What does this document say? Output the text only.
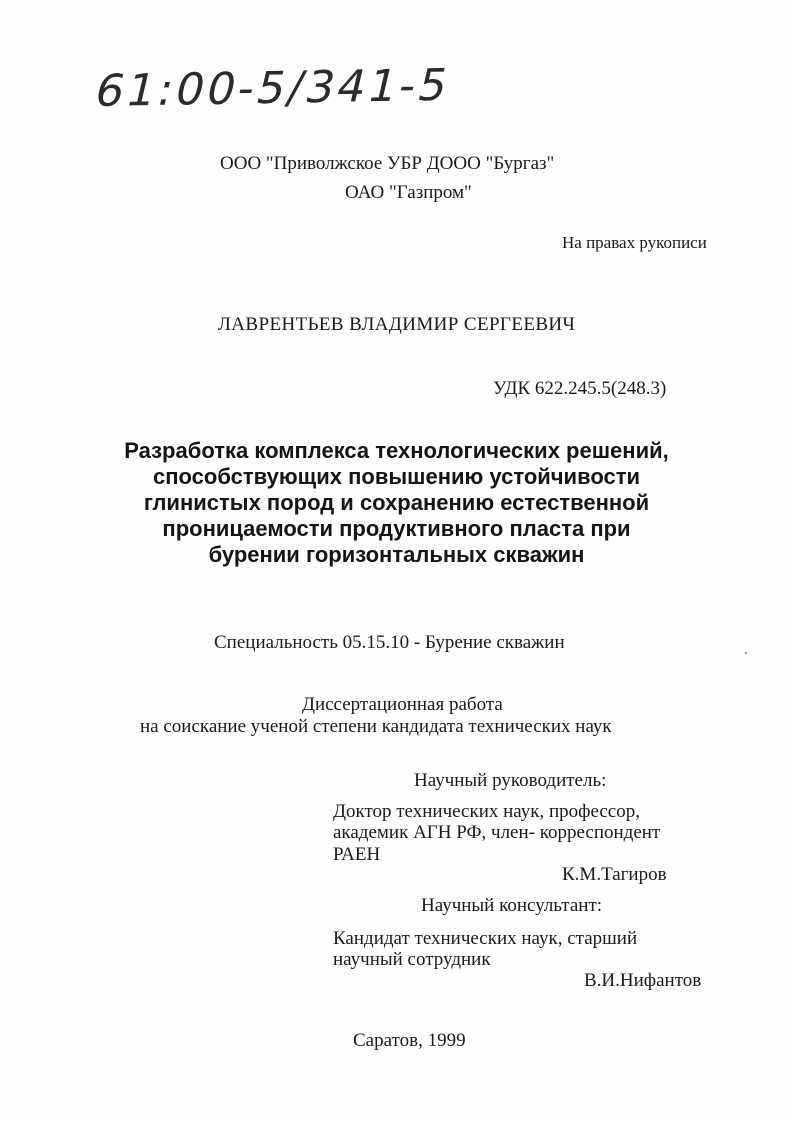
61:00-5/341-5
ООО "Приволжское УБР ДООО "Бургаз"
ОАО "Газпром"
На правах рукописи
ЛАВРЕНТЬЕВ ВЛАДИМИР СЕРГЕЕВИЧ
УДК 622.245.5(248.3)
Разработка комплекса технологических решений,
способствующих повышению устойчивости
глинистых пород и сохранению естественной
проницаемости продуктивного пласта при
бурении горизонтальных скважин
Специальность 05.15.10 - Бурение скважин
Диссертационная работа
на соискание ученой степени кандидата технических наук
Научный руководитель:
Доктор технических наук, профессор,
академик АГН РФ, член- корреспондент
РАЕН
К.М.Тагиров
Научный консультант:
Кандидат технических наук, старший
научный сотрудник
В.И.Нифантов
Саратов, 1999
